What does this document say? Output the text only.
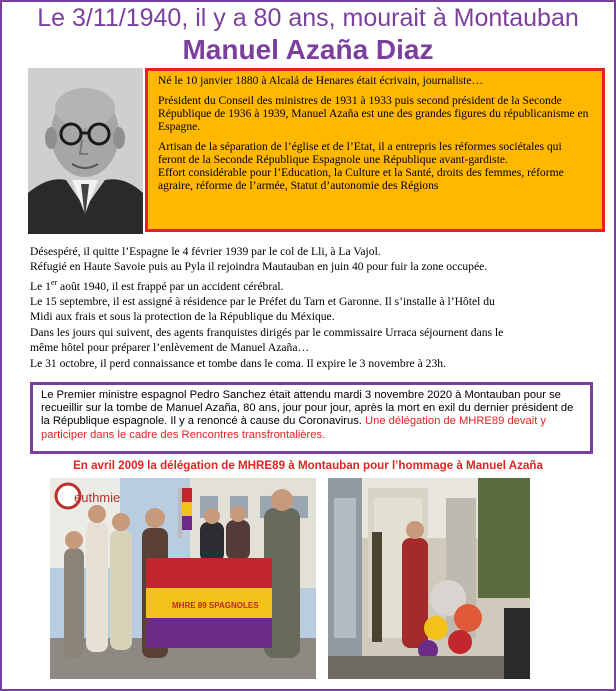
Le 3/11/1940, il y a 80 ans, mourait à Montauban
Manuel Azaña Diaz

Né le 10 janvier 1880 à Alcalá de Henares était écrivain, journaliste…

Président du Conseil des ministres de 1931 à 1933 puis second président de la Seconde République de 1936 à 1939, Manuel Azaña est une des grandes figures du républicanisme en Espagne.

Artisan de la séparation de l’église et de l’Etat, il a entrepris les réformes sociétales qui feront de la Seconde République Espagnole une République avant-gardiste.

Effort considérable pour l’Education, la Culture et la Santé, droits des femmes, réforme agraire, réforme de l’armée, Statut d’autonomie des Régions

Désespéré, il quitte l’Espagne le 4 février 1939 par le col de Lli, à La Vajol.
Réfugié en Haute Savoie puis au Pyla il rejoindra Mautauban en juin 40 pour fuir la zone occupée.
Le 1er août 1940, il est frappé par un accident cérébral.
Le 15 septembre, il est assigné à résidence par le Préfet du Tarn et Garonne. Il s’installe à l’Hôtel du
Midi aux frais et sous la protection de la République du Méxique.
Dans les jours qui suivent, des agents franquistes dirigés par le commissaire Urraca séjournent dans le
même hôtel pour préparer l’enlèvement de Manuel Azaña…
Le 31 octobre, il perd connaissance et tombe dans le coma. Il expire le 3 novembre à 23h.
Le Premier ministre espagnol Pedro Sanchez était attendu mardi 3 novembre 2020 à Montauban pour se recueillir sur la tombe de Manuel Azaña, 80 ans, jour pour jour, après la mort en exil du dernier président de la République espagnole. Il y a renoncé à cause du Coronavirus. Une délégation de MHRE89 devait y participer dans le cadre des Rencontres transfrontalières.
En avril 2009 la délégation de MHRE89 à Montauban pour l’hommage à Manuel Azaña
euthmie
MHRE 89 SPAGNOLES
